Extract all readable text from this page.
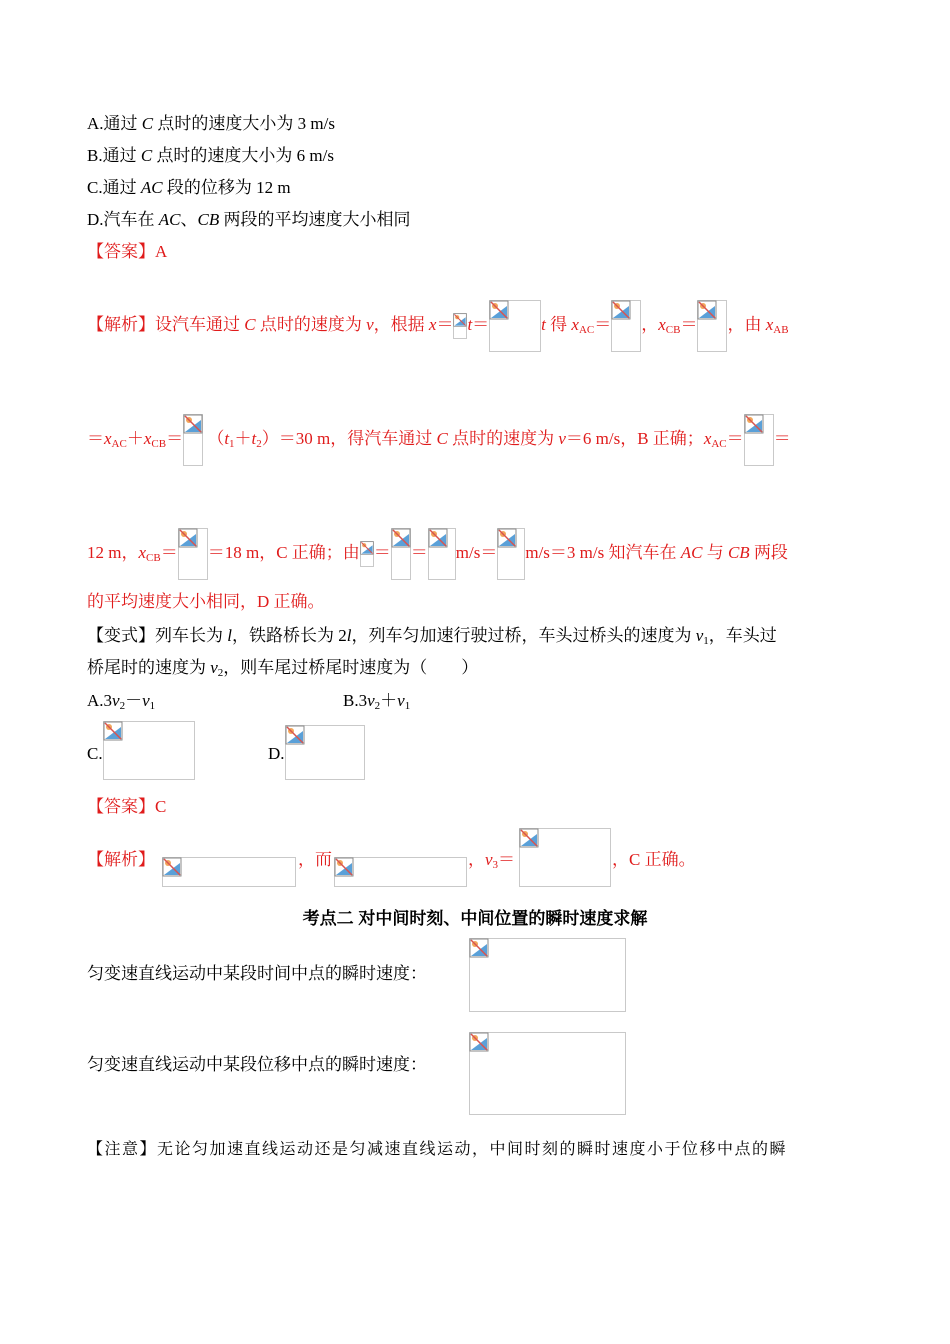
A.通过 C 点时的速度大小为 3 m/s
B.通过 C 点时的速度大小为 6 m/s
C.通过 AC 段的位移为 12 m
D.汽车在 AC、CB 两段的平均速度大小相同
【答案】A
【解析】设汽车通过 C 点时的速度为 v，根据 x＝ t＝	t 得 $x_{AC}=$ ，$x_{CB}=$ ，由 $x_{AB}$
$=x_{AC}+x_{CB}= (t_1+t_2)=30$ m，得汽车通过 C 点时的速度为 v＝6 m/s，B 正确；$x_{AC}=$ ＝
12 m，$x_{CB}= =18$ m，C 正确；由 ＝ ＝ m/s＝ m/s＝3 m/s 知汽车在 AC 与 CB 两段
的平均速度大小相同，D 正确。
【变式】列车长为 l，铁路桥长为 2l，列车匀加速行驶过桥，车头过桥头的速度为 $v_1$，车头过
桥尾时的速度为 $v_2$，则车尾过桥尾时速度为（　　）
$A.3v_2-v_1$	$B.3v_2+v_1$
C.	D.
【答案】C
【解析】	，而	，$v_3=$	，C 正确。
考点二 对中间时刻、中间位置的瞬时速度求解
匀变速直线运动中某段时间中点的瞬时速度：
匀变速直线运动中某段位移中点的瞬时速度：
【注意】无论匀加速直线运动还是匀减速直线运动，中间时刻的瞬时速度小于位移中点的瞬
